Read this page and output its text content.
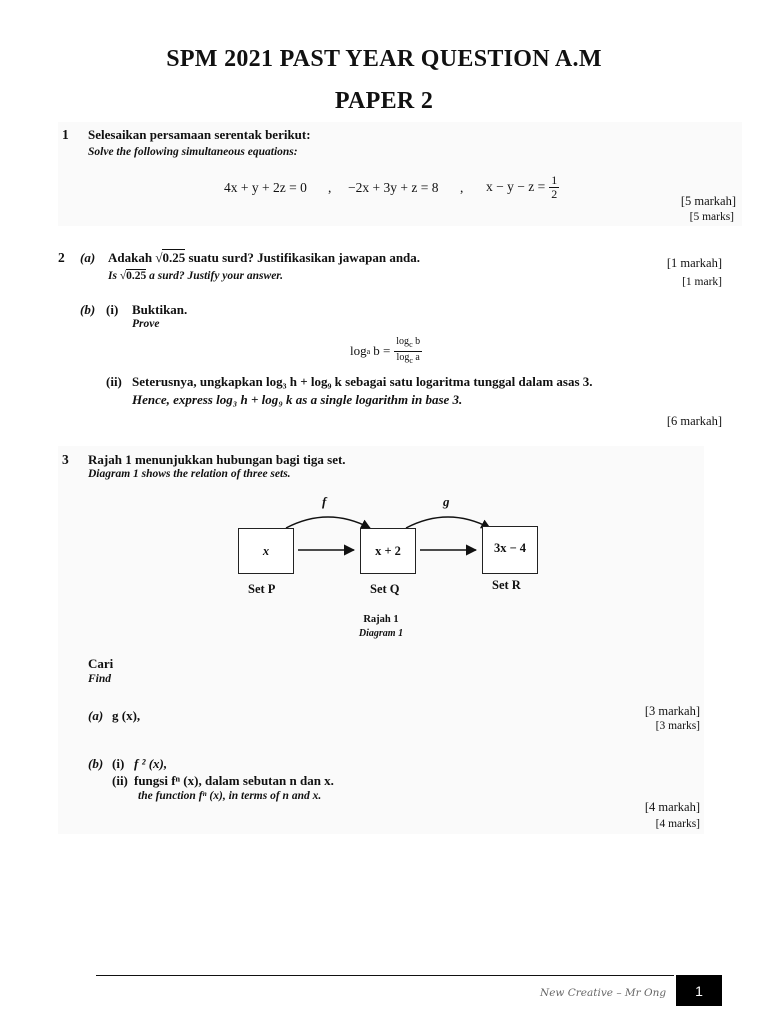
SPM 2021 PAST YEAR QUESTION A.M
PAPER 2
1 Selesaikan persamaan serentak berikut:
Solve the following simultaneous equations:
4x + y + 2z = 0 , −2x + 3y + z = 8 , $x - y - z = \frac{1}{2}$
[5 markah]
[5 marks]
2 (a) Adakah √0.25 suatu surd? Justifikasikan jawapan anda.
Is √0.25 a surd? Justify your answer.
[1 markah]
[1 mark]
(b) (i) Buktikan.
Prove
log a $b = \frac{\log_c b}{\log_c a}$
(ii) Seterusnya, ungkapkan log₃ h + log₉ k sebagai satu logaritma tunggal dalam asas 3.
Hence, express log₃ h + log₉ k as a single logarithm in base 3.
[6 markah]
3 Rajah 1 menunjukkan hubungan bagi tiga set.
Diagram 1 shows the relation of three sets.
f	g
x	x + 2	3x − 4
Set P	Set Q	Set R
Rajah 1
Diagram 1
Cari
Find
(a) g (x),	[3 markah]
[3 marks]
(b) (i) f ² (x),
(ii) fungsi fⁿ (x), dalam sebutan n dan x.
the function fⁿ (x), in terms of n and x.
[4 markah]
[4 marks]
New Creative – Mr Ong	1
